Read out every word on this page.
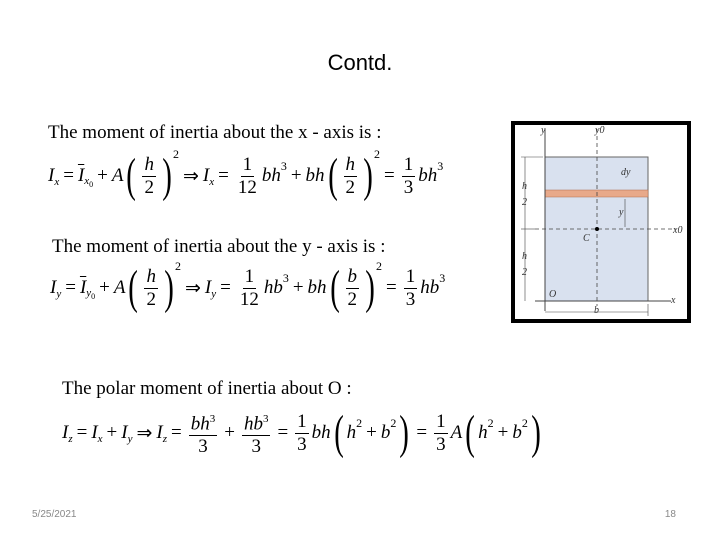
Contd.
The moment of inertia about the x - axis is :
I $x = \overline{I}$ $x_0 + A$ ( $\frac{h}{2}$ ) 2
⇒ I $x = \frac{1}{12}$ bh 3 + bh ( $\frac{h}{2}$ ) 2
= $\frac{1}{3}$ bh 3
The moment of inertia about the y - axis is :
I $y = \overline{I}$ $y_0 + A$ ( $\frac{h}{2}$ ) 2
⇒ I $y = \frac{1}{12}$ hb 3 + bh ( $\frac{b}{2}$ ) 2
= $\frac{1}{3}$ hb 3
The polar moment of inertia about O :
I z = I x + I y ⇒ I $z = \frac{bh^3}{3} + \frac{hb^3}{3} = \frac{1}{3}$ bh ( h 2 + b 2 ) = $\frac{1}{3}$ A ( h 2 + b 2 )
y	y0
dy
h
2
h
2
C
x0
O
x
b
y
5/25/2021	18
